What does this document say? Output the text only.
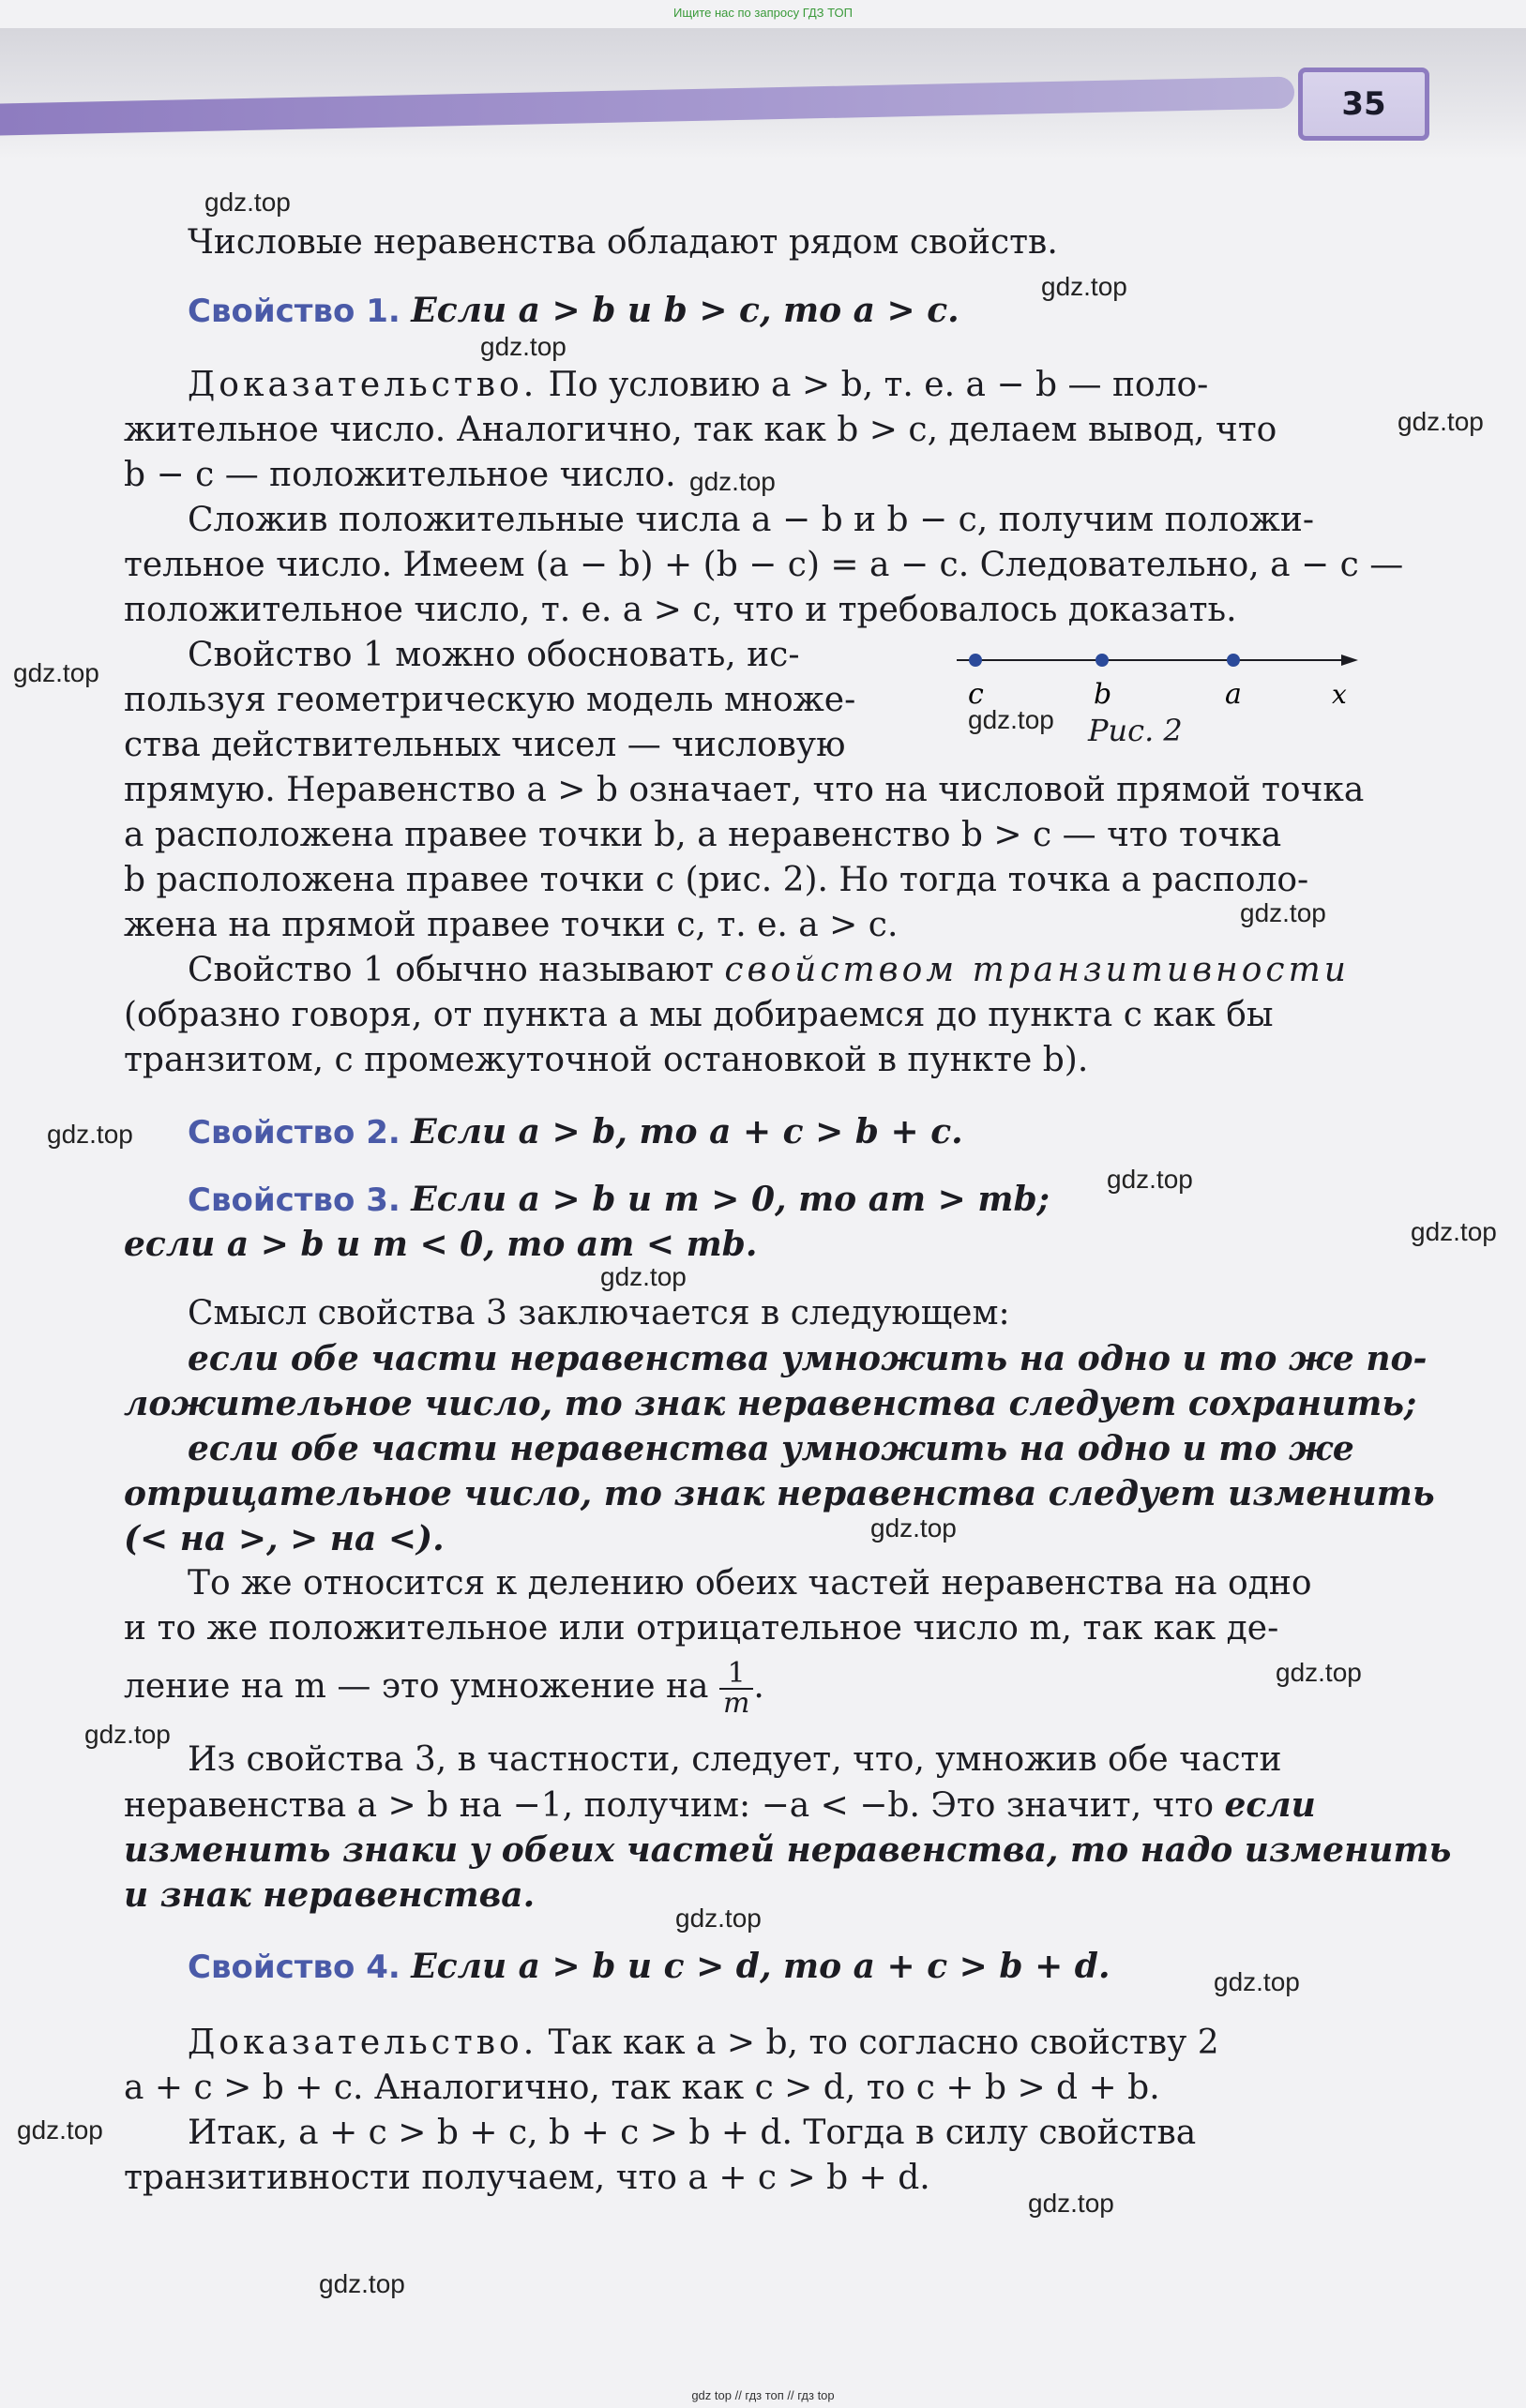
Ищите нас по запросу ГДЗ ТОП
35
gdz.top
gdz.top
gdz.top
gdz.top
gdz.top
gdz.top
gdz.top
gdz.top
gdz.top
gdz.top
gdz.top
gdz.top
gdz.top
gdz.top
gdz.top
gdz.top
gdz.top
gdz.top
gdz.top
gdz.top
Числовые неравенства обладают рядом свойств.
Свойство 1. Если a > b и b > c, то a > c.
Доказательство. По условию a > b, т. е. a − b — поло-
жительное число. Аналогично, так как b > c, делаем вывод, что
b − c — положительное число.
Сложив положительные числа a − b и b − c, получим положи-
тельное число. Имеем (a − b) + (b − c) = a − c. Следовательно, a − c —
положительное число, т. е. a > c, что и требовалось доказать.
Свойство 1 можно обосновать, ис-
пользуя геометрическую модель множе-
ства действительных чисел — числовую
c	b	a	x
Рис. 2
прямую. Неравенство a > b означает, что на числовой прямой точка
a расположена правее точки b, а неравенство b > c — что точка
b расположена правее точки c (рис. 2). Но тогда точка a располо-
жена на прямой правее точки c, т. е. a > c.
Свойство 1 обычно называют свойством транзитивности
(образно говоря, от пункта a мы добираемся до пункта c как бы
транзитом, с промежуточной остановкой в пункте b).
Свойство 2. Если a > b, то a + c > b + c.
Свойство 3. Если a > b и m > 0, то am > mb;
если a > b и m < 0, то am < mb.
Смысл свойства 3 заключается в следующем:
если обе части неравенства умножить на одно и то же по-
ложительное число, то знак неравенства следует сохранить;
если обе части неравенства умножить на одно и то же
отрицательное число, то знак неравенства следует изменить
(< на >, > на <).
То же относится к делению обеих частей неравенства на одно
и то же положительное или отрицательное число m, так как де-
ление на m — это умножение на $\frac{1}{m}$ .
Из свойства 3, в частности, следует, что, умножив обе части
неравенства a > b на −1, получим: −a < −b. Это значит, что если
изменить знаки у обеих частей неравенства, то надо изменить
и знак неравенства.
Свойство 4. Если a > b и c > d, то a + c > b + d.
Доказательство. Так как a > b, то согласно свойству 2
a + c > b + c. Аналогично, так как c > d, то c + b > d + b.
Итак, a + c > b + c, b + c > b + d. Тогда в силу свойства
транзитивности получаем, что a + c > b + d.
gdz top // гдз топ // гдз top
